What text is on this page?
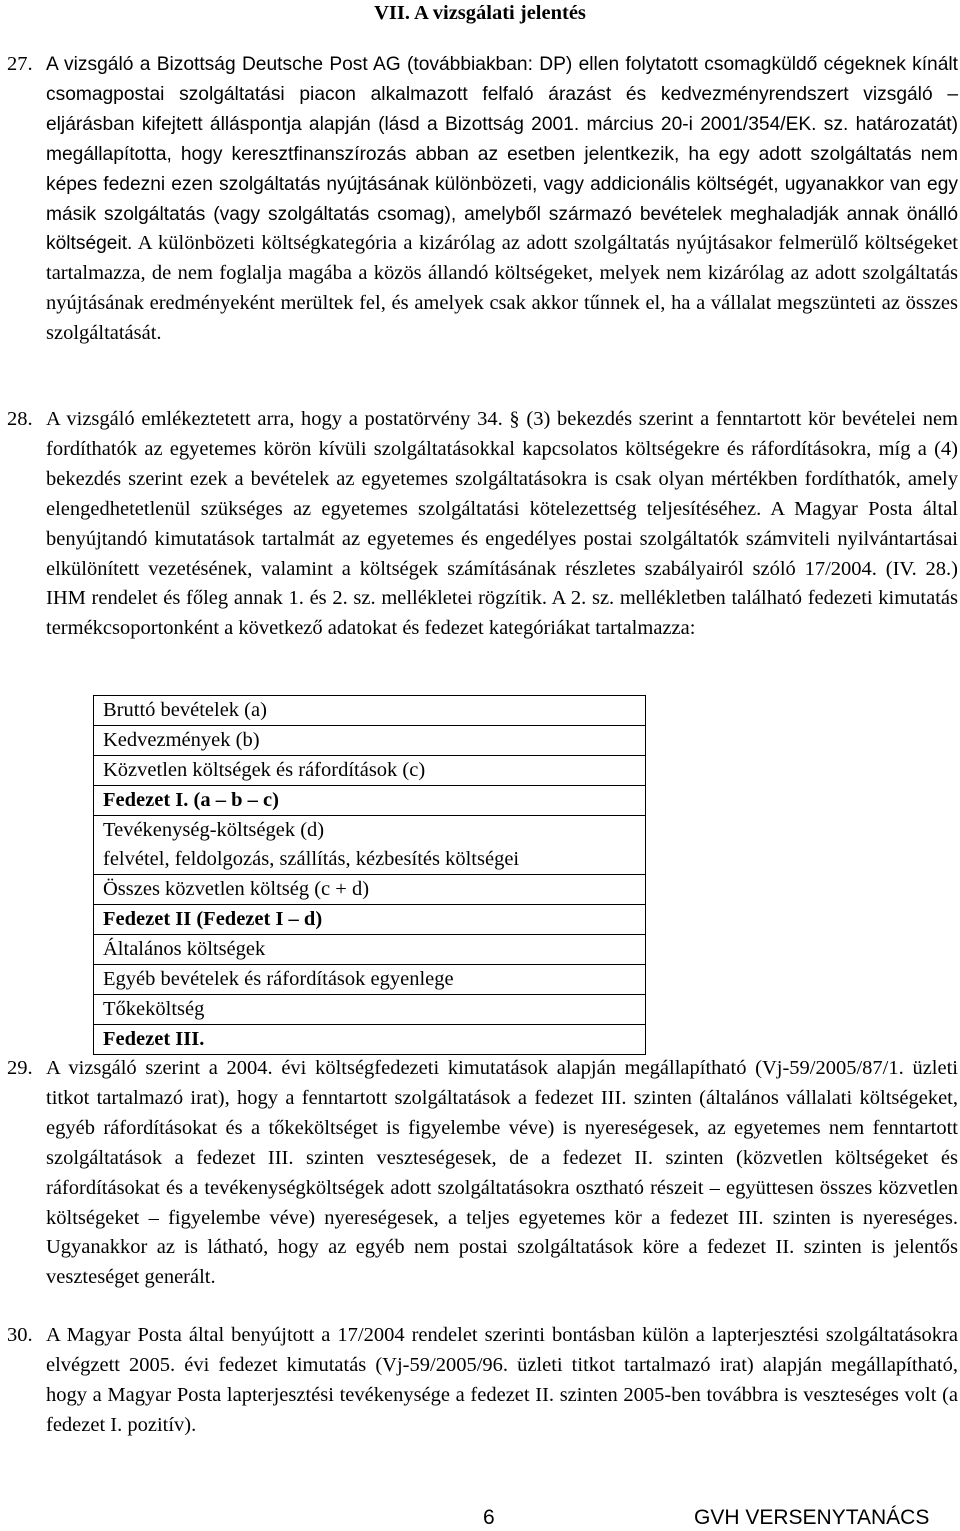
VII. A vizsgálati jelentés
27. A vizsgáló a Bizottság Deutsche Post AG (továbbiakban: DP) ellen folytatott csomagküldő cégeknek kínált csomagpostai szolgáltatási piacon alkalmazott felfaló árazást és kedvezményrendszert vizsgáló – eljárásban kifejtett álláspontja alapján (lásd a Bizottság 2001. március 20-i 2001/354/EK. sz. határozatát) megállapította, hogy keresztfinanszírozás abban az esetben jelentkezik, ha egy adott szolgáltatás nem képes fedezni ezen szolgáltatás nyújtásának különbözeti, vagy addicionális költségét, ugyanakkor van egy másik szolgáltatás (vagy szolgáltatás csomag), amelyből származó bevételek meghaladják annak önálló költségeit. A különbözeti költségkategória a kizárólag az adott szolgáltatás nyújtásakor felmerülő költségeket tartalmazza, de nem foglalja magába a közös állandó költségeket, melyek nem kizárólag az adott szolgáltatás nyújtásának eredményeként merültek fel, és amelyek csak akkor tűnnek el, ha a vállalat megszünteti az összes szolgáltatását.
28. A vizsgáló emlékeztetett arra, hogy a postatörvény 34. § (3) bekezdés szerint a fenntartott kör bevételei nem fordíthatók az egyetemes körön kívüli szolgáltatásokkal kapcsolatos költségekre és ráfordításokra, míg a (4) bekezdés szerint ezek a bevételek az egyetemes szolgáltatásokra is csak olyan mértékben fordíthatók, amely elengedhetetlenül szükséges az egyetemes szolgáltatási kötelezettség teljesítéséhez. A Magyar Posta által benyújtandó kimutatások tartalmát az egyetemes és engedélyes postai szolgáltatók számviteli nyilvántartásai elkülönített vezetésének, valamint a költségek számításának részletes szabályairól szóló 17/2004. (IV. 28.) IHM rendelet és főleg annak 1. és 2. sz. mellékletei rögzítik. A 2. sz. mellékletben található fedezeti kimutatás termékcsoportonként a következő adatokat és fedezet kategóriákat tartalmazza:
Bruttó bevételek (a)
Kedvezmények (b)
Közvetlen költségek és ráfordítások (c)
Fedezet I. (a – b – c)

Tevékenység-költségek (d)
felvétel, feldolgozás, szállítás, kézbesítés költségei

Összes közvetlen költség (c + d)
Fedezet II (Fedezet I – d)
Általános költségek
Egyéb bevételek és ráfordítások egyenlege
Tőkeköltség
Fedezet III.
29. A vizsgáló szerint a 2004. évi költségfedezeti kimutatások alapján megállapítható (Vj-59/2005/87/1. üzleti titkot tartalmazó irat), hogy a fenntartott szolgáltatások a fedezet III. szinten (általános vállalati költségeket, egyéb ráfordításokat és a tőkeköltséget is figyelembe véve) is nyereségesek, az egyetemes nem fenntartott szolgáltatások a fedezet III. szinten veszteségesek, de a fedezet II. szinten (közvetlen költségeket és ráfordításokat és a tevékenységköltségek adott szolgáltatásokra osztható részeit – együttesen összes közvetlen költségeket – figyelembe véve) nyereségesek, a teljes egyetemes kör a fedezet III. szinten is nyereséges. Ugyanakkor az is látható, hogy az egyéb nem postai szolgáltatások köre a fedezet II. szinten is jelentős veszteséget generált.
30. A Magyar Posta által benyújtott a 17/2004 rendelet szerinti bontásban külön a lapterjesztési szolgáltatásokra elvégzett 2005. évi fedezet kimutatás (Vj-59/2005/96. üzleti titkot tartalmazó irat) alapján megállapítható, hogy a Magyar Posta lapterjesztési tevékenysége a fedezet II. szinten 2005-ben továbbra is veszteséges volt (a fedezet I. pozitív).
6	GVH VERSENYTANÁCS
